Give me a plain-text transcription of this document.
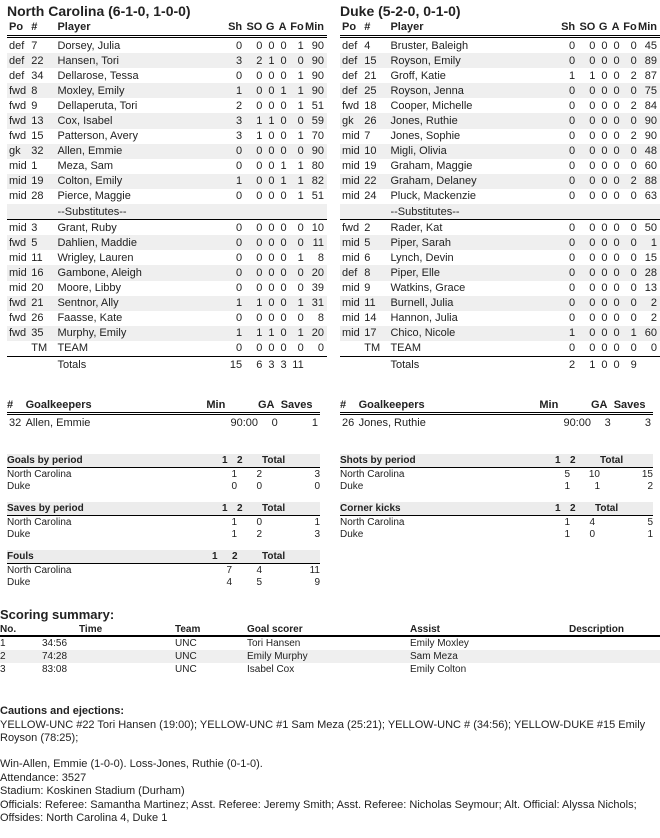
North Carolina (6-1-0, 1-0-0)
Po	#	Player	Sh	SO	G	A	Fo	Min
def	7	Dorsey, Julia	0	0	0	0	1	90
def	22	Hansen, Tori	3	2	1	0	0	90
def	34	Dellarose, Tessa	0	0	0	0	1	90
fwd	8	Moxley, Emily	1	0	0	1	1	90
fwd	9	Dellaperuta, Tori	2	0	0	0	1	51
fwd	13	Cox, Isabel	3	1	1	0	0	59
fwd	15	Patterson, Avery	3	1	0	0	1	70
gk	32	Allen, Emmie	0	0	0	0	0	90
mid	1	Meza, Sam	0	0	0	1	1	80
mid	19	Colton, Emily	1	0	0	1	1	82
mid	28	Pierce, Maggie	0	0	0	0	1	51
		--Substitutes--						
mid	3	Grant, Ruby	0	0	0	0	0	10
fwd	5	Dahlien, Maddie	0	0	0	0	0	11
mid	11	Wrigley, Lauren	0	0	0	0	1	8
mid	16	Gambone, Aleigh	0	0	0	0	0	20
mid	20	Moore, Libby	0	0	0	0	0	39
fwd	21	Sentnor, Ally	1	1	0	0	1	31
fwd	26	Faasse, Kate	0	0	0	0	0	8
fwd	35	Murphy, Emily	1	1	1	0	1	20
	TM	TEAM	0	0	0	0	0	0
		Totals	15	6	3	3	11	
Duke (5-2-0, 0-1-0)
Po	#	Player	Sh	SO	G	A	Fo	Min
def	4	Bruster, Baleigh	0	0	0	0	0	45
def	15	Royson, Emily	0	0	0	0	0	89
def	21	Groff, Katie	1	1	0	0	2	87
def	25	Royson, Jenna	0	0	0	0	0	75
fwd	18	Cooper, Michelle	0	0	0	0	2	84
gk	26	Jones, Ruthie	0	0	0	0	0	90
mid	7	Jones, Sophie	0	0	0	0	2	90
mid	10	Migli, Olivia	0	0	0	0	0	48
mid	19	Graham, Maggie	0	0	0	0	0	60
mid	22	Graham, Delaney	0	0	0	0	2	88
mid	24	Pluck, Mackenzie	0	0	0	0	0	63
		--Substitutes--						
fwd	2	Rader, Kat	0	0	0	0	0	50
mid	5	Piper, Sarah	0	0	0	0	0	1
mid	6	Lynch, Devin	0	0	0	0	0	15
def	8	Piper, Elle	0	0	0	0	0	28
mid	9	Watkins, Grace	0	0	0	0	0	13
mid	11	Burnell, Julia	0	0	0	0	0	2
mid	14	Hannon, Julia	0	0	0	0	0	2
mid	17	Chico, Nicole	1	0	0	0	1	60
	TM	TEAM	0	0	0	0	0	0
		Totals	2	1	0	0	9	
#	Goalkeepers	Min	GA	Saves
32	Allen, Emmie	90:00	0	1
#	Goalkeepers	Min	GA	Saves
26	Jones, Ruthie	90:00	3	3
Goals by period	1	2	Total
North Carolina	1	2	3
Duke	0	0	0
Saves by period	1	2	Total
North Carolina	1	0	1
Duke	1	2	3
Fouls	1	2	Total
North Carolina	7	4	11
Duke	4	5	9
Shots by period	1	2	Total
North Carolina	5	10	15
Duke	1	1	2
Corner kicks	1	2	Total
North Carolina	1	4	5
Duke	1	0	1
Scoring summary:
No.	Time	Team	Goal scorer	Assist	Description
1	34:56	UNC	Tori Hansen	Emily Moxley	
2	74:28	UNC	Emily Murphy	Sam Meza	
3	83:08	UNC	Isabel Cox	Emily Colton	
Cautions and ejections:
YELLOW-UNC #22 Tori Hansen (19:00); YELLOW-UNC #1 Sam Meza (25:21); YELLOW-UNC # (34:56); YELLOW-DUKE #15 Emily Royson (78:25);
Win-Allen, Emmie (1-0-0). Loss-Jones, Ruthie (0-1-0).
Attendance: 3527
Stadium: Koskinen Stadium (Durham)
Officials: Referee: Samantha Martinez; Asst. Referee: Jeremy Smith; Asst. Referee: Nicholas Seymour; Alt. Official: Alyssa Nichols;
Offsides: North Carolina 4, Duke 1
